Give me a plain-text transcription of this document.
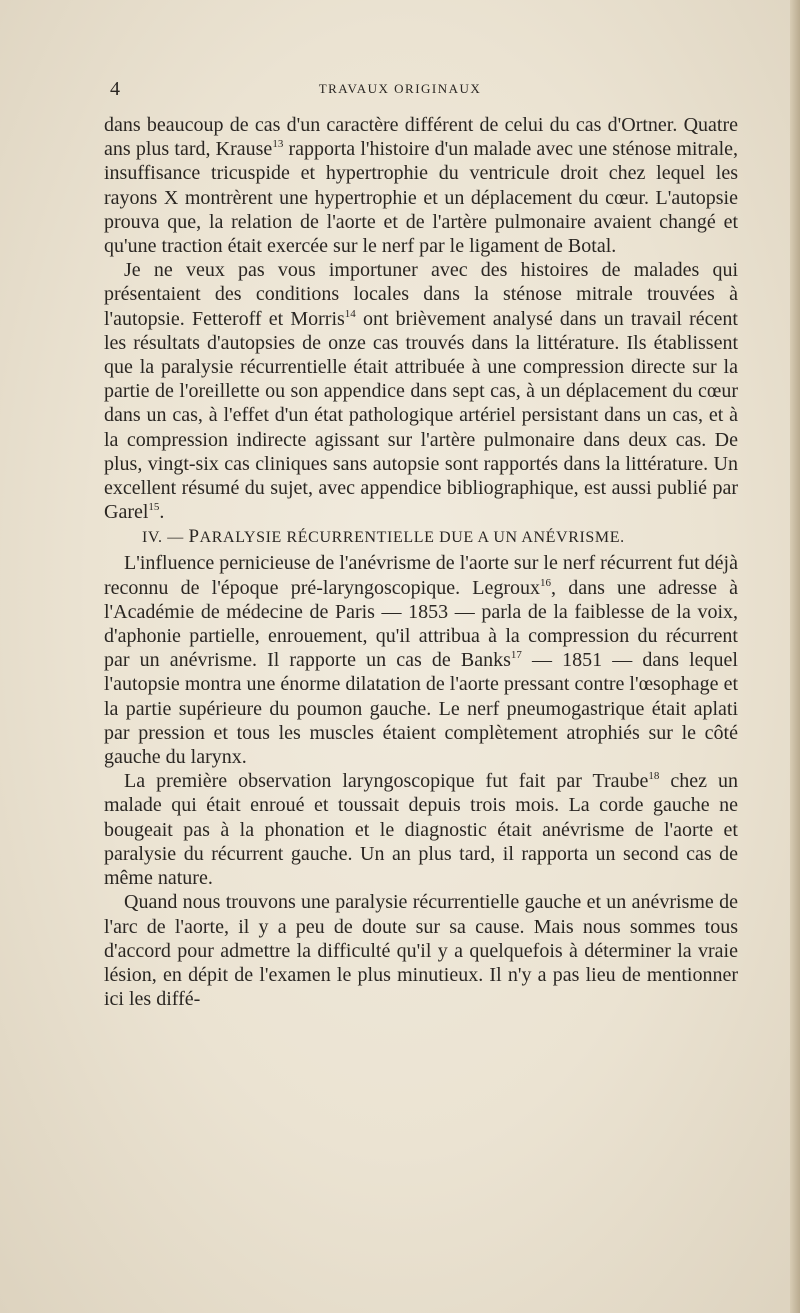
4	TRAVAUX ORIGINAUX

dans beaucoup de cas d'un caractère différent de celui du cas d'Ortner. Quatre ans plus tard, Krause$^{13}$ rapporta l'histoire d'un malade avec une sténose mitrale, insuffisance tricuspide et hypertrophie du ventricule droit chez lequel les rayons X montrèrent une hypertrophie et un déplacement du cœur. L'autopsie prouva que, la relation de l'aorte et de l'artère pulmonaire avaient changé et qu'une traction était exercée sur le nerf par le ligament de Botal.

Je ne veux pas vous importuner avec des histoires de malades qui présentaient des conditions locales dans la sténose mitrale trouvées à l'autopsie. Fetteroff et Morris$^{14}$ ont brièvement analysé dans un travail récent les résultats d'autopsies de onze cas trouvés dans la littérature. Ils établissent que la paralysie récurrentielle était attribuée à une compression directe sur la partie de l'oreillette ou son appendice dans sept cas, à un déplacement du cœur dans un cas, à l'effet d'un état pathologique artériel persistant dans un cas, et à la compression indirecte agissant sur l'artère pulmonaire dans deux cas. De plus, vingt-six cas cliniques sans autopsie sont rapportés dans la littérature. Un excellent résumé du sujet, avec appendice bibliographique, est aussi publié par Garel$^{15}$.

IV. — PARALYSIE RÉCURRENTIELLE DUE A UN ANÉVRISME.

L'influence pernicieuse de l'anévrisme de l'aorte sur le nerf récurrent fut déjà reconnu de l'époque pré-laryngoscopique. Legroux$^{16}$, dans une adresse à l'Académie de médecine de Paris — 1853 — parla de la faiblesse de la voix, d'aphonie partielle, enrouement, qu'il attribua à la compression du récurrent par un anévrisme. Il rapporte un cas de Banks$^{17}$ — 1851 — dans lequel l'autopsie montra une énorme dilatation de l'aorte pressant contre l'œsophage et la partie supérieure du poumon gauche. Le nerf pneumogastrique était aplati par pression et tous les muscles étaient complètement atrophiés sur le côté gauche du larynx.

La première observation laryngoscopique fut fait par Traube$^{18}$ chez un malade qui était enroué et toussait depuis trois mois. La corde gauche ne bougeait pas à la phonation et le diagnostic était anévrisme de l'aorte et paralysie du récurrent gauche. Un an plus tard, il rapporta un second cas de même nature.

Quand nous trouvons une paralysie récurrentielle gauche et un anévrisme de l'arc de l'aorte, il y a peu de doute sur sa cause. Mais nous sommes tous d'accord pour admettre la difficulté qu'il y a quelquefois à déterminer la vraie lésion, en dépit de l'examen le plus minutieux. Il n'y a pas lieu de mentionner ici les diffé-
